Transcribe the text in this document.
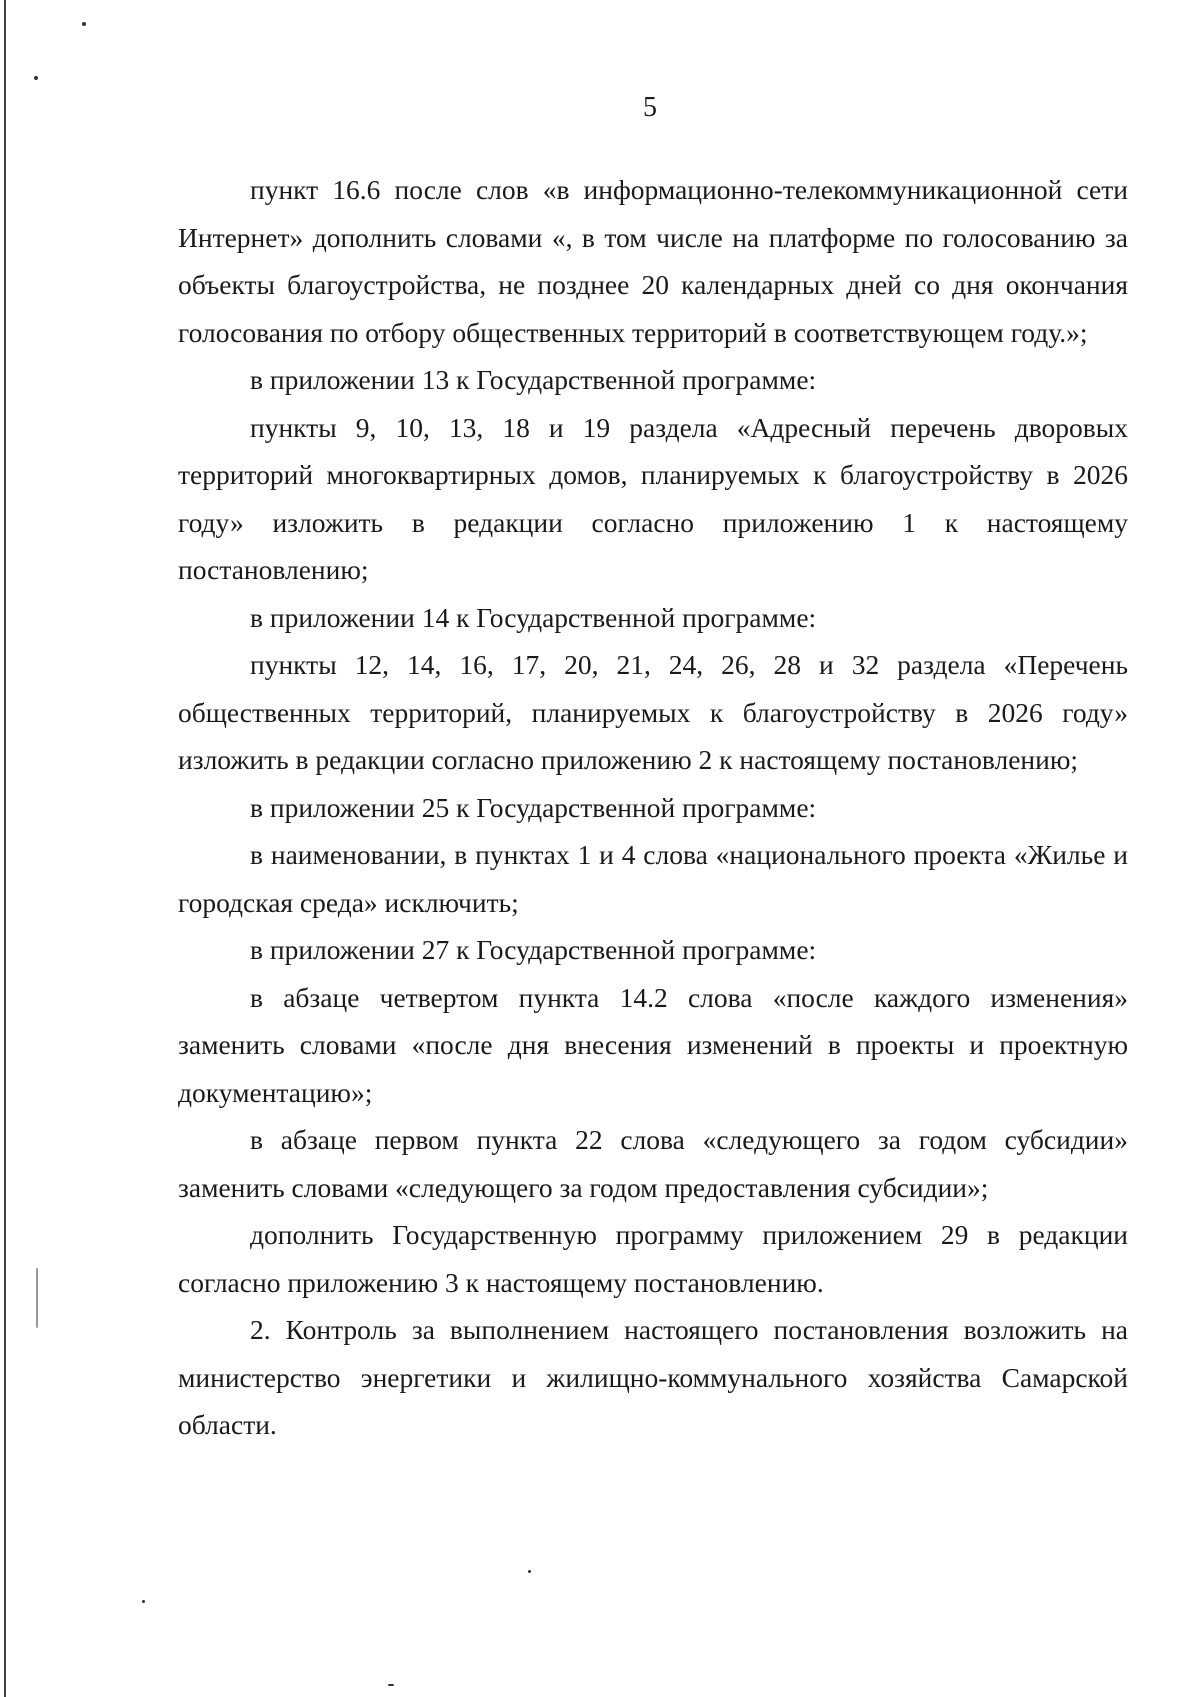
5

пункт 16.6 после слов «в информационно-телекоммуникационной сети Интернет» дополнить словами «, в том числе на платформе по голосованию за объекты благоустройства, не позднее 20 календарных дней со дня окончания голосования по отбору общественных территорий в соответствующем году.»;

в приложении 13 к Государственной программе:

пункты 9, 10, 13, 18 и 19 раздела «Адресный перечень дворовых территорий многоквартирных домов, планируемых к благоустройству в 2026 году» изложить в редакции согласно приложению 1 к настоящему постановлению;

в приложении 14 к Государственной программе:

пункты 12, 14, 16, 17, 20, 21, 24, 26, 28 и 32 раздела «Перечень общественных территорий, планируемых к благоустройству в 2026 году» изложить в редакции согласно приложению 2 к настоящему постановлению;

в приложении 25 к Государственной программе:

в наименовании, в пунктах 1 и 4 слова «национального проекта «Жилье и городская среда» исключить;

в приложении 27 к Государственной программе:

в абзаце четвертом пункта 14.2 слова «после каждого изменения» заменить словами «после дня внесения изменений в проекты и проектную документацию»;

в абзаце первом пункта 22 слова «следующего за годом субсидии» заменить словами «следующего за годом предоставления субсидии»;

дополнить Государственную программу приложением 29 в редакции согласно приложению 3 к настоящему постановлению.

2. Контроль за выполнением настоящего постановления возложить на министерство энергетики и жилищно-коммунального хозяйства Самарской области.
